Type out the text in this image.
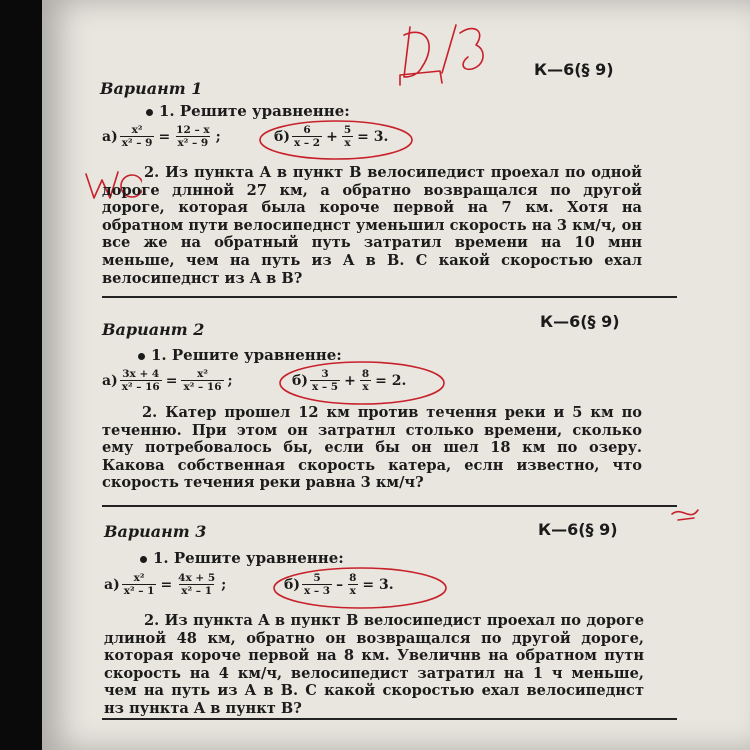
Вариант 1
К—6(§ 9)
1. Решите уравненне:
$а) \frac{\text{x²}}{\text{x² – 9}} = \frac{12 - x}{\text{x² – 9}}$ ;	$б) \frac{6}{x - 2} + \frac{5}{x} = 3$.
2. Из пункта A в пункт B велосипедист проехал по одной дороге длнной 27 км, а обратно возвращался по другой дороге, которая была короче первой на 7 км. Хотя на обратном пути велосипеднст уменьшил скорость на 3 км/ч, он все же на обратный путь затратил времени на 10 мнн меньше, чем на путь из A в B. С какой скоростью ехал велосипеднст из A в B?
Вариант 2	К—6(§ 9)
1. Решите уравненне:
$а) \frac{3x + 4}{\text{x² – 16}} = \frac{\text{x²}}{\text{x² – 16}}$ ;	$б) \frac{3}{x - 5} + \frac{8}{x} = 2$.
2. Катер прошел 12 км против течення реки и 5 км по теченню. При этом он затратнл столько времени, сколько ему потребовалось бы, если бы он шел 18 км по озеру. Какова собственная скорость катера, еслн известно, что скорость течения реки равна 3 км/ч?
Вариант 3	К—6(§ 9)
1. Решите уравненне:
$а) \frac{\text{x²}}{\text{x² – 1}} = \frac{4x + 5}{\text{x² – 1}}$ ;	$б) \frac{5}{x - 3} - \frac{8}{x} = 3$.
2. Из пункта A в пункт B велосипедист проехал по дороге длиной 48 км, обратно он возвращался по другой дороге, которая короче первой на 8 км. Увеличнв на обратном путн скорость на 4 км/ч, велосипедист затратил на 1 ч меньше, чем на путь из A в B. С какой скоростью ехал велосипеднст нз пункта A в пункт B?
